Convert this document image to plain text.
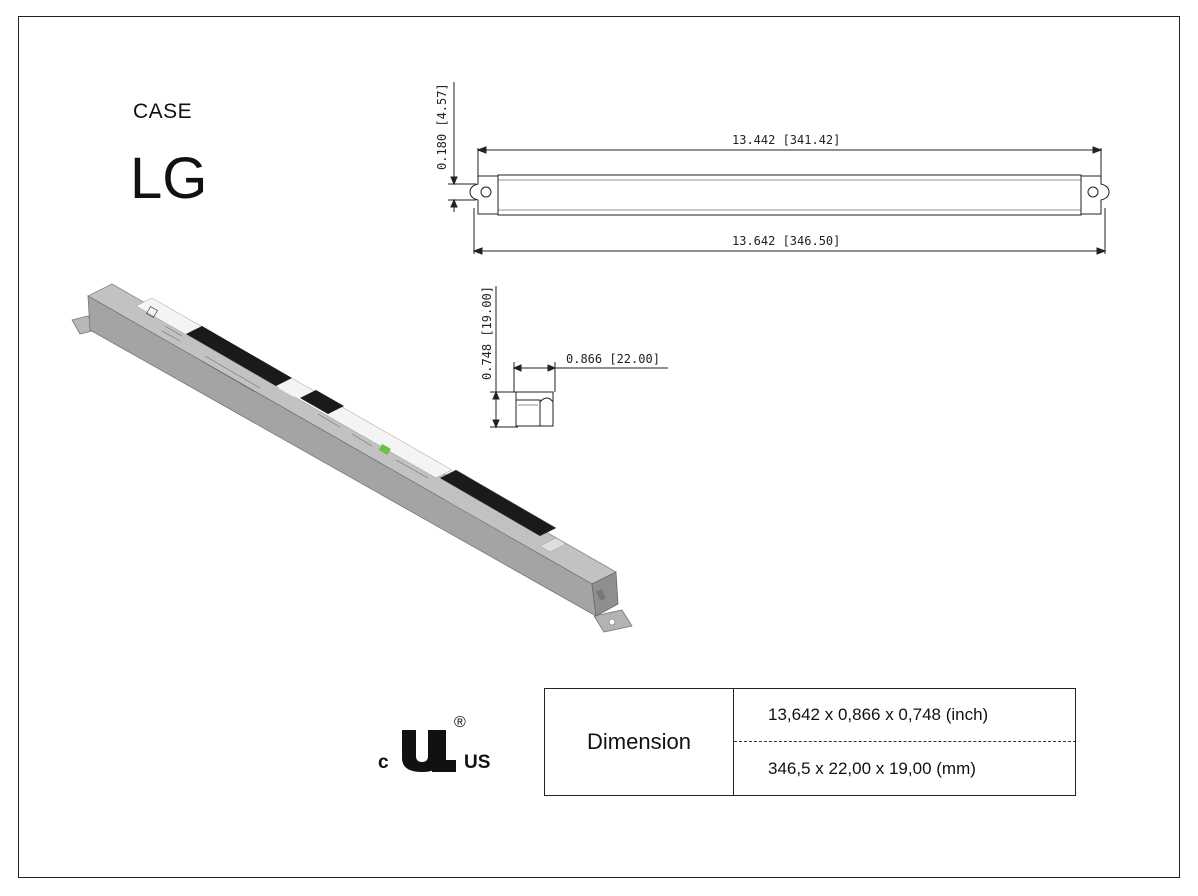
CASE
LG
0.180 [4.57]	13.442 [341.42]
13.642 [346.50]
0.748 [19.00]	0.866 [22.00]
c	US
®
Dimension
13,642 x 0,866 x 0,748 (inch)
346,5 x 22,00 x 19,00 (mm)
